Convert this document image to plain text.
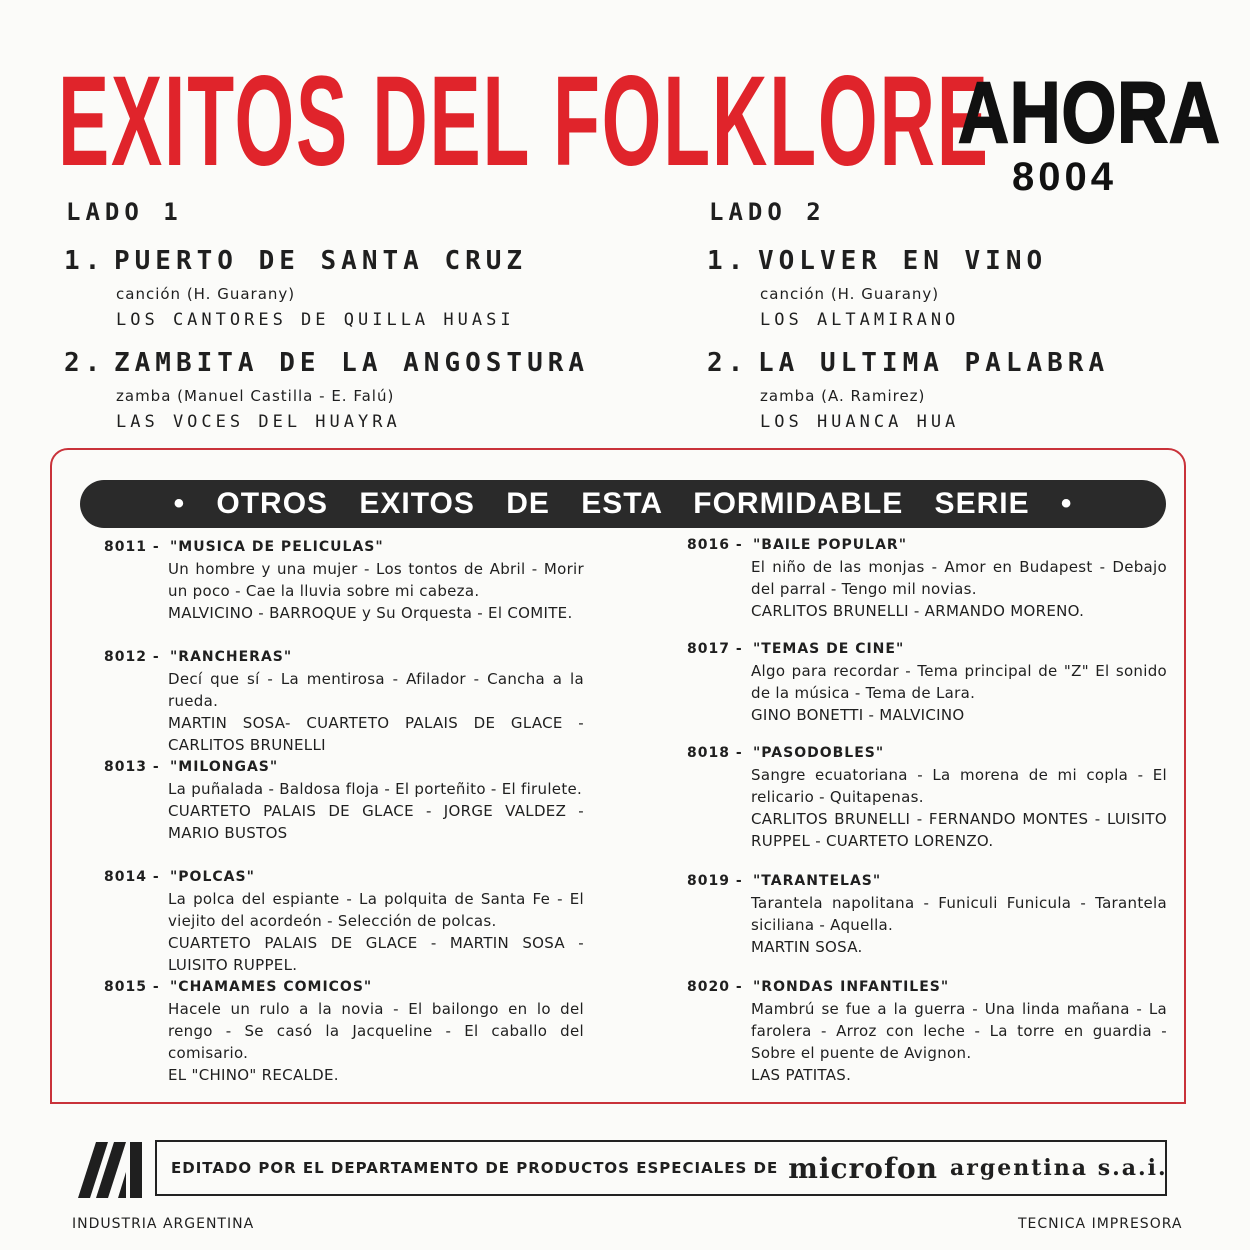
EXITOS DEL FOLKLORE
AHORA
8004
LADO 1
1. PUERTO DE SANTA CRUZ
canción (H. Guarany)
LOS CANTORES DE QUILLA HUASI
2. ZAMBITA DE LA ANGOSTURA
zamba (Manuel Castilla - E. Falú)
LAS VOCES DEL HUAYRA
LADO 2
1. VOLVER EN VINO
canción (H. Guarany)
LOS ALTAMIRANO
2. LA ULTIMA PALABRA
zamba (A. Ramirez)
LOS HUANCA HUA
• OTROS EXITOS DE ESTA FORMIDABLE SERIE •
8011 - "MUSICA DE PELICULAS"
Un hombre y una mujer - Los tontos de Abril - Morir un poco - Cae la lluvia sobre mi cabeza.
MALVICINO - BARROQUE y Su Orquesta - El COMITE.
8012 - "RANCHERAS"
Decí que sí - La mentirosa - Afilador - Cancha a la rueda.
MARTIN SOSA- CUARTETO PALAIS DE GLACE - CARLITOS BRUNELLI
8013 - "MILONGAS"
La puñalada - Baldosa floja - El porteñito - El firulete.
CUARTETO PALAIS DE GLACE - JORGE VALDEZ - MARIO BUSTOS
8014 - "POLCAS"
La polca del espiante - La polquita de Santa Fe - El viejito del acordeón - Selección de polcas.
CUARTETO PALAIS DE GLACE - MARTIN SOSA - LUISITO RUPPEL.
8015 - "CHAMAMES COMICOS"
Hacele un rulo a la novia - El bailongo en lo del rengo - Se casó la Jacqueline - El caballo del comisario.
EL "CHINO" RECALDE.
8016 - "BAILE POPULAR"
El niño de las monjas - Amor en Budapest - Debajo del parral - Tengo mil novias.
CARLITOS BRUNELLI - ARMANDO MORENO.
8017 - "TEMAS DE CINE"
Algo para recordar - Tema principal de "Z" El sonido de la música - Tema de Lara.
GINO BONETTI - MALVICINO
8018 - "PASODOBLES"
Sangre ecuatoriana - La morena de mi copla - El relicario - Quitapenas.
CARLITOS BRUNELLI - FERNANDO MONTES - LUISITO RUPPEL - CUARTETO LORENZO.
8019 - "TARANTELAS"
Tarantela napolitana - Funiculi Funicula - Tarantela siciliana - Aquella.
MARTIN SOSA.
8020 - "RONDAS INFANTILES"
Mambrú se fue a la guerra - Una linda mañana - La farolera - Arroz con leche - La torre en guardia - Sobre el puente de Avignon.
LAS PATITAS.
EDITADO POR EL DEPARTAMENTO DE PRODUCTOS ESPECIALES DE microfon argentina s.a.i.
INDUSTRIA ARGENTINA	TECNICA IMPRESORA
